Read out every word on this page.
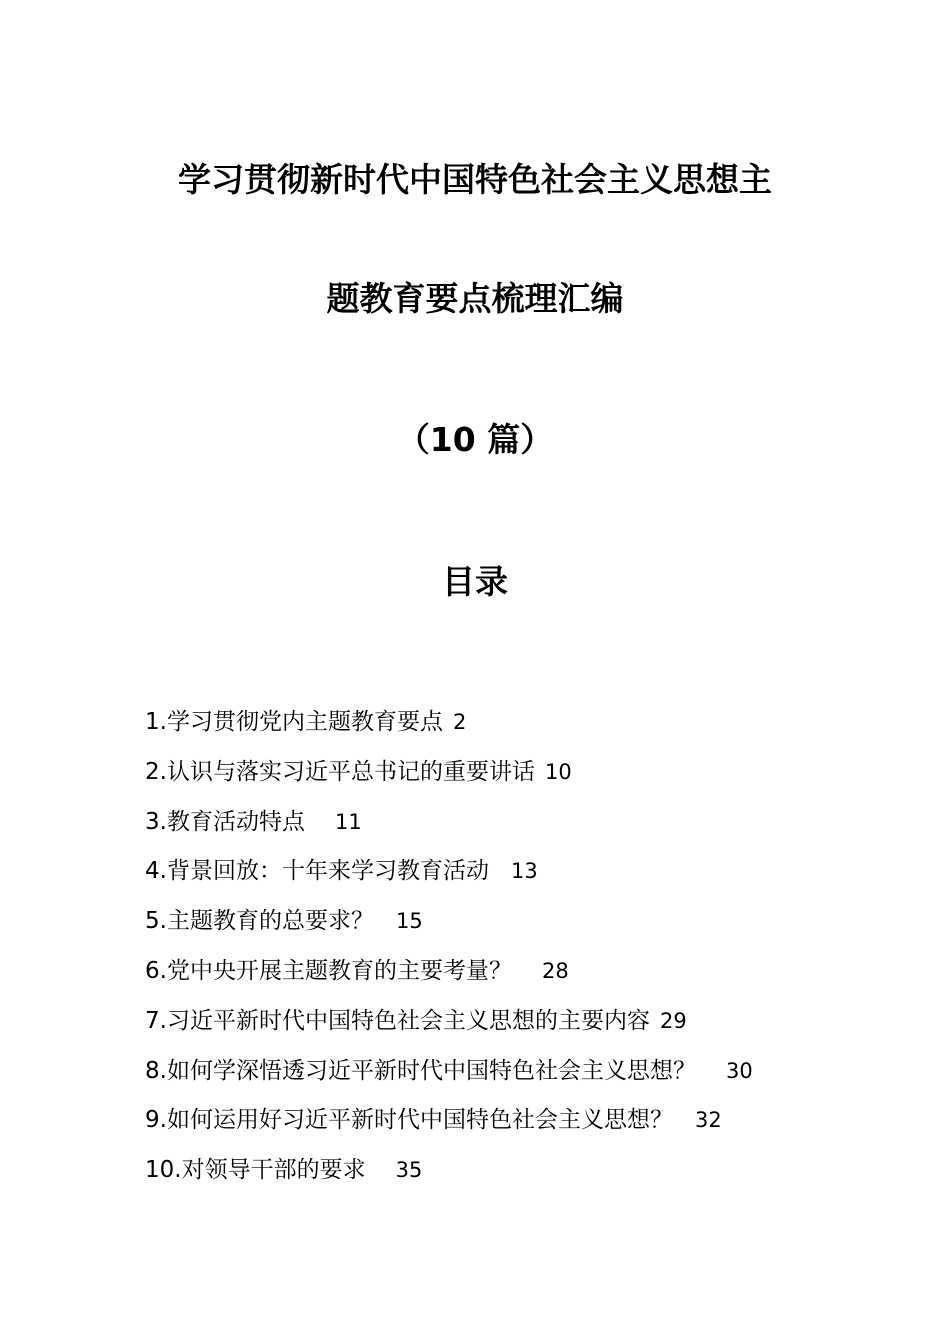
学习贯彻新时代中国特色社会主义思想主
题教育要点梳理汇编
（10 篇）
目录
1.学习贯彻党内主题教育要点 2
2.认识与落实习近平总书记的重要讲话 10
3.教育活动特点 11
4.背景回放：十年来学习教育活动 13
5.主题教育的总要求？ 15
6.党中央开展主题教育的主要考量？ 28
7.习近平新时代中国特色社会主义思想的主要内容 29
8.如何学深悟透习近平新时代中国特色社会主义思想？ 30
9.如何运用好习近平新时代中国特色社会主义思想？ 32
10.对领导干部的要求 35
